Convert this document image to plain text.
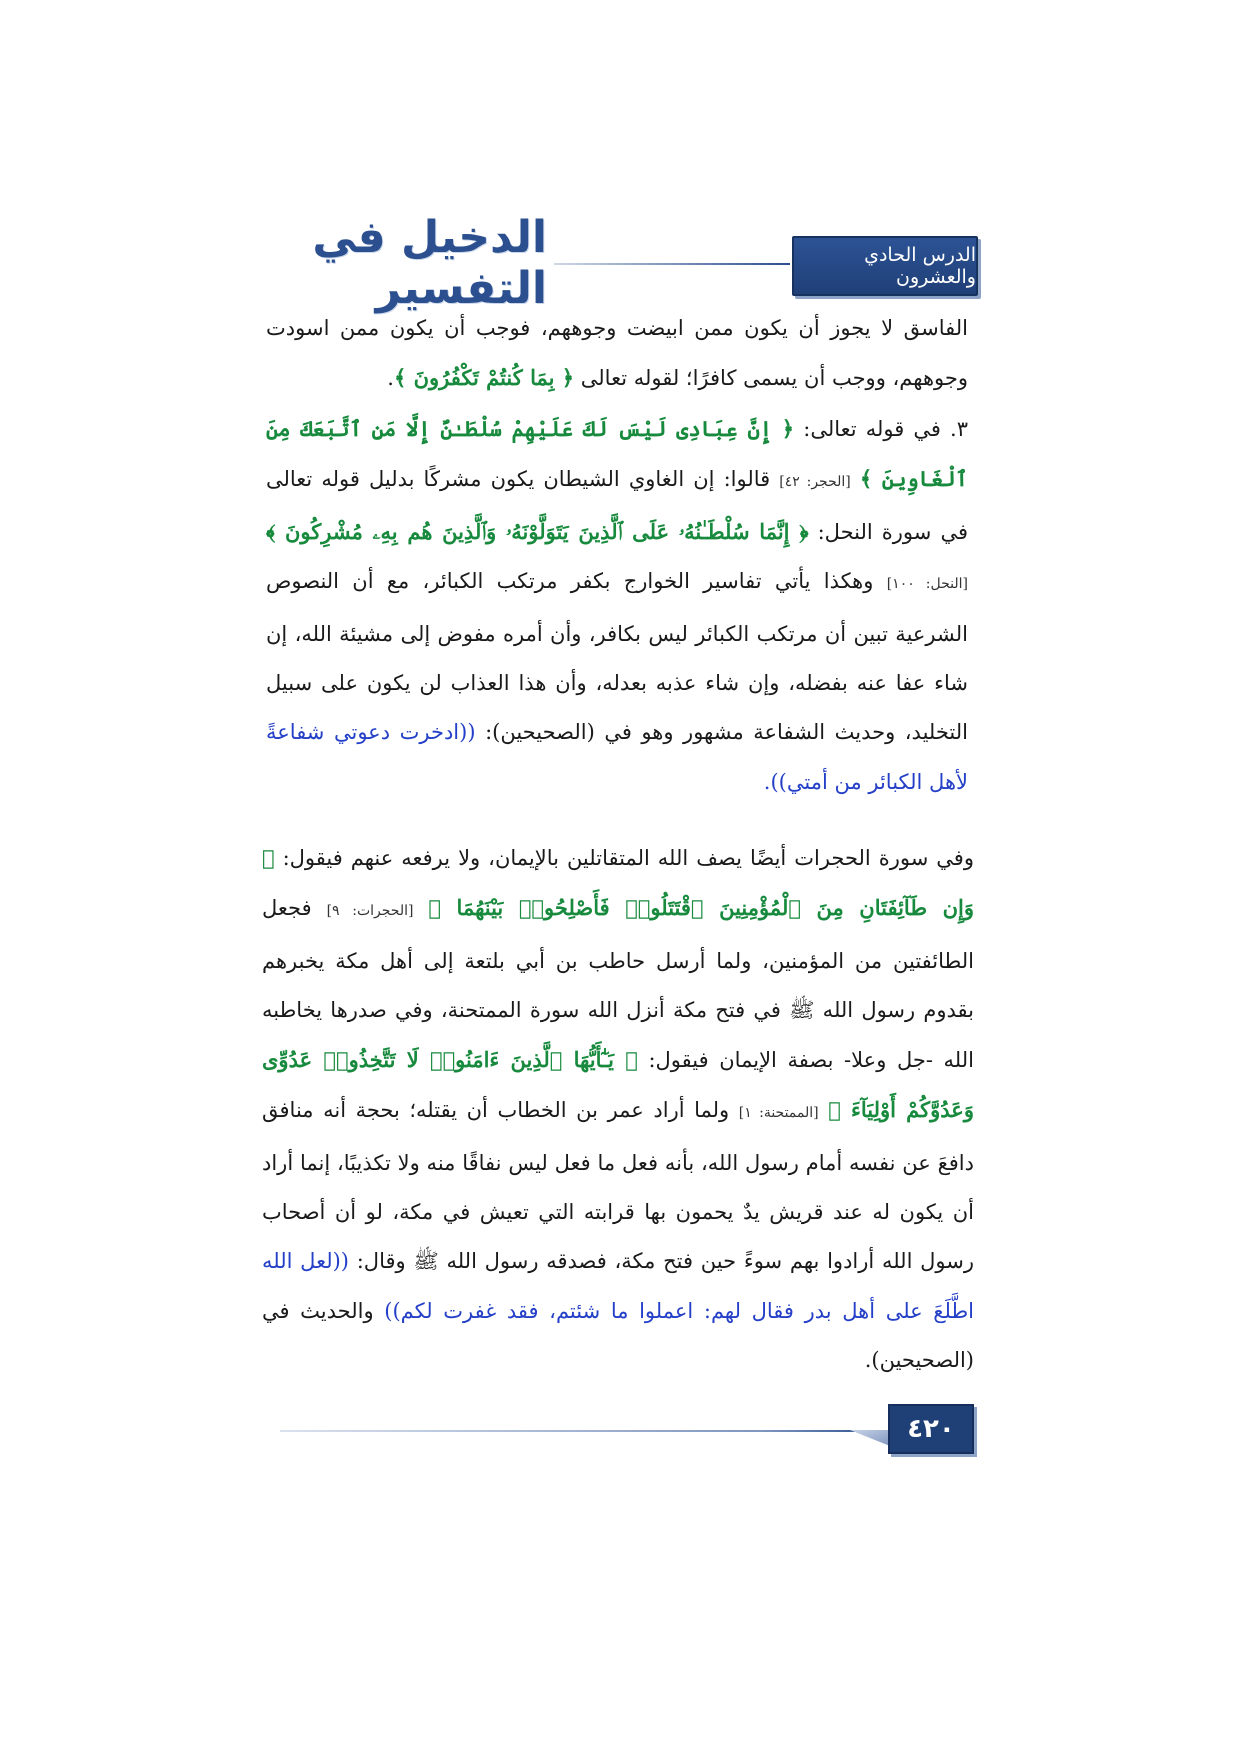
الدخيل في التفسير
الدرس الحادي والعشرون

الفاسق لا يجوز أن يكون ممن ابيضت وجوههم، فوجب أن يكون ممن اسودت وجوههم، ووجب أن يسمى كافرًا؛ لقوله تعالى ﴿ بِمَا كُنتُمْ تَكْفُرُونَ ﴾.

٣. في قوله تعالى: ﴿ إِنَّ عِبَادِى لَيْسَ لَكَ عَلَيْهِمْ سُلْطَـٰنٌ إِلَّا مَنِ ٱتَّبَعَكَ مِنَ ٱلْغَاوِينَ ﴾ [الحجر: ٤٢] قالوا: إن الغاوي الشيطان يكون مشركًا بدليل قوله تعالى في سورة النحل: ﴿ إِنَّمَا سُلْطَـٰنُهُۥ عَلَى ٱلَّذِينَ يَتَوَلَّوْنَهُۥ وَٱلَّذِينَ هُم بِهِۦ مُشْرِكُونَ ﴾ [النحل: ١٠٠] وهكذا يأتي تفاسير الخوارج بكفر مرتكب الكبائر، مع أن النصوص الشرعية تبين أن مرتكب الكبائر ليس بكافر، وأن أمره مفوض إلى مشيئة الله، إن شاء عفا عنه بفضله، وإن شاء عذبه بعدله، وأن هذا العذاب لن يكون على سبيل التخليد، وحديث الشفاعة مشهور وهو في (الصحيحين): ((ادخرت دعوتي شفاعةً لأهل الكبائر من أمتي)).

وفي سورة الحجرات أيضًا يصف الله المتقاتلين بالإيمان، ولا يرفعه عنهم فيقول: ﴿ وَإِن طَآئِفَتَانِ مِنَ ٱلْمُؤْمِنِينَ ٱقْتَتَلُوا۟ فَأَصْلِحُوا۟ بَيْنَهُمَا ﴾ [الحجرات: ٩] فجعل الطائفتين من المؤمنين، ولما أرسل حاطب بن أبي بلتعة إلى أهل مكة يخبرهم بقدوم رسول الله ﷺ في فتح مكة أنزل الله سورة الممتحنة، وفي صدرها يخاطبه الله -جل وعلا- بصفة الإيمان فيقول: ﴿ يَـٰٓأَيُّهَا ٱلَّذِينَ ءَامَنُوا۟ لَا تَتَّخِذُوا۟ عَدُوِّى وَعَدُوَّكُمْ أَوْلِيَآءَ ﴾ [الممتحنة: ١] ولما أراد عمر بن الخطاب أن يقتله؛ بحجة أنه منافق دافعَ عن نفسه أمام رسول الله، بأنه فعل ما فعل ليس نفاقًا منه ولا تكذيبًا، إنما أراد أن يكون له عند قريش يدٌ يحمون بها قرابته التي تعيش في مكة، لو أن أصحاب رسول الله أرادوا بهم سوءً حين فتح مكة، فصدقه رسول الله ﷺ وقال: ((لعل الله اطَّلَعَ على أهل بدر فقال لهم: اعملوا ما شئتم، فقد غفرت لكم)) والحديث في (الصحيحين).

٤٢٠
